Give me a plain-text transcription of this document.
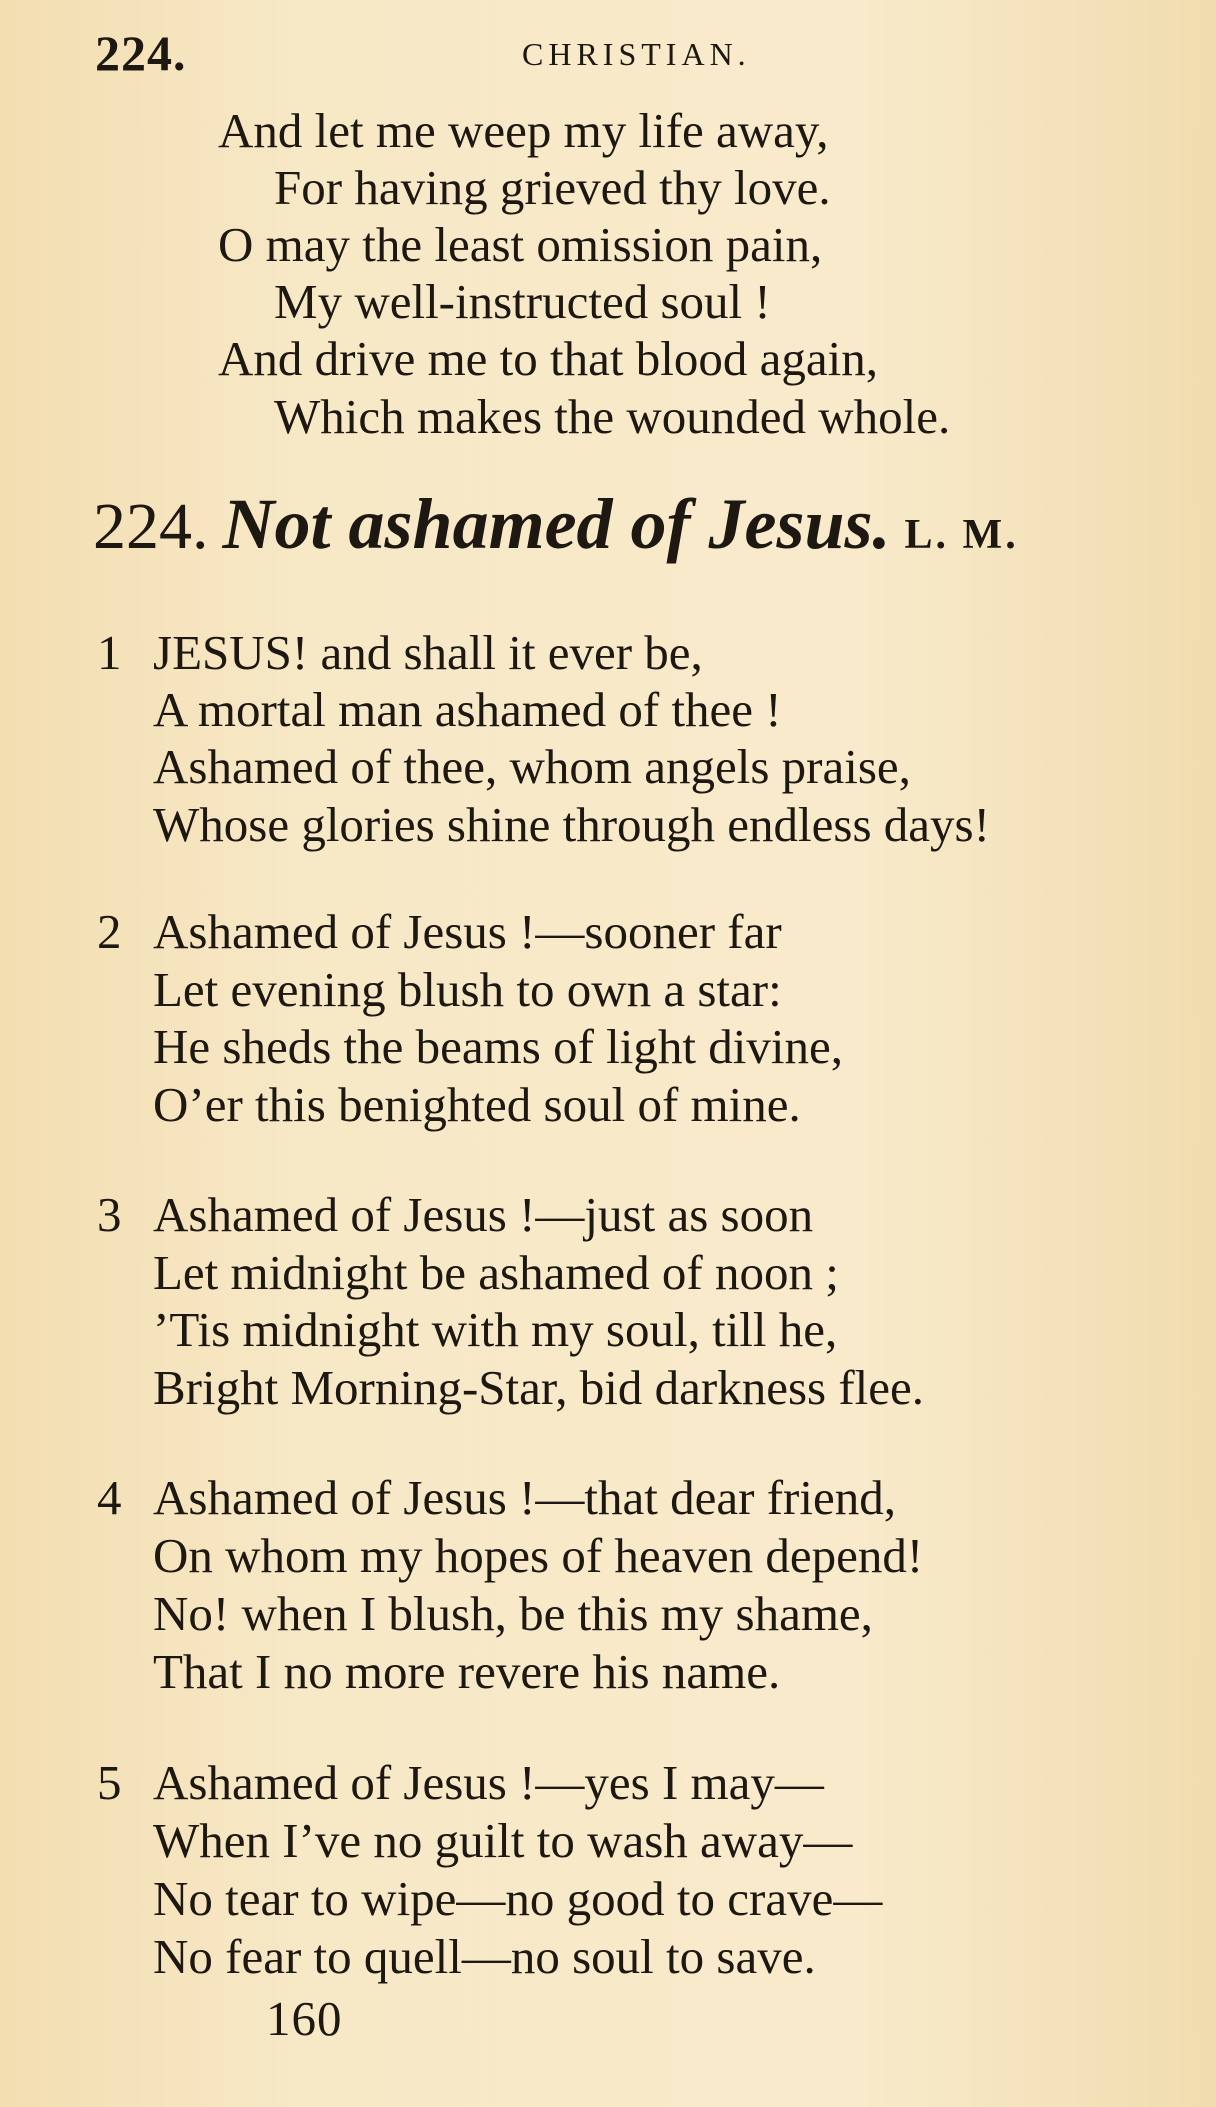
224.	CHRISTIAN.
And let me weep my life away,
For having grieved thy love.
O may the least omission pain,
My well-instructed soul !
And drive me to that blood again,
Which makes the wounded whole.
224. Not ashamed of Jesus. L. M.
1 JESUS! and shall it ever be,
A mortal man ashamed of thee !
Ashamed of thee, whom angels praise,
Whose glories shine through endless days!
2 Ashamed of Jesus !—sooner far
Let evening blush to own a star:
He sheds the beams of light divine,
O’er this benighted soul of mine.
3 Ashamed of Jesus !—just as soon
Let midnight be ashamed of noon ;
’Tis midnight with my soul, till he,
Bright Morning-Star, bid darkness flee.
4 Ashamed of Jesus !—that dear friend,
On whom my hopes of heaven depend!
No! when I blush, be this my shame,
That I no more revere his name.
5 Ashamed of Jesus !—yes I may—
When I’ve no guilt to wash away—
No tear to wipe—no good to crave—
No fear to quell—no soul to save.
160
